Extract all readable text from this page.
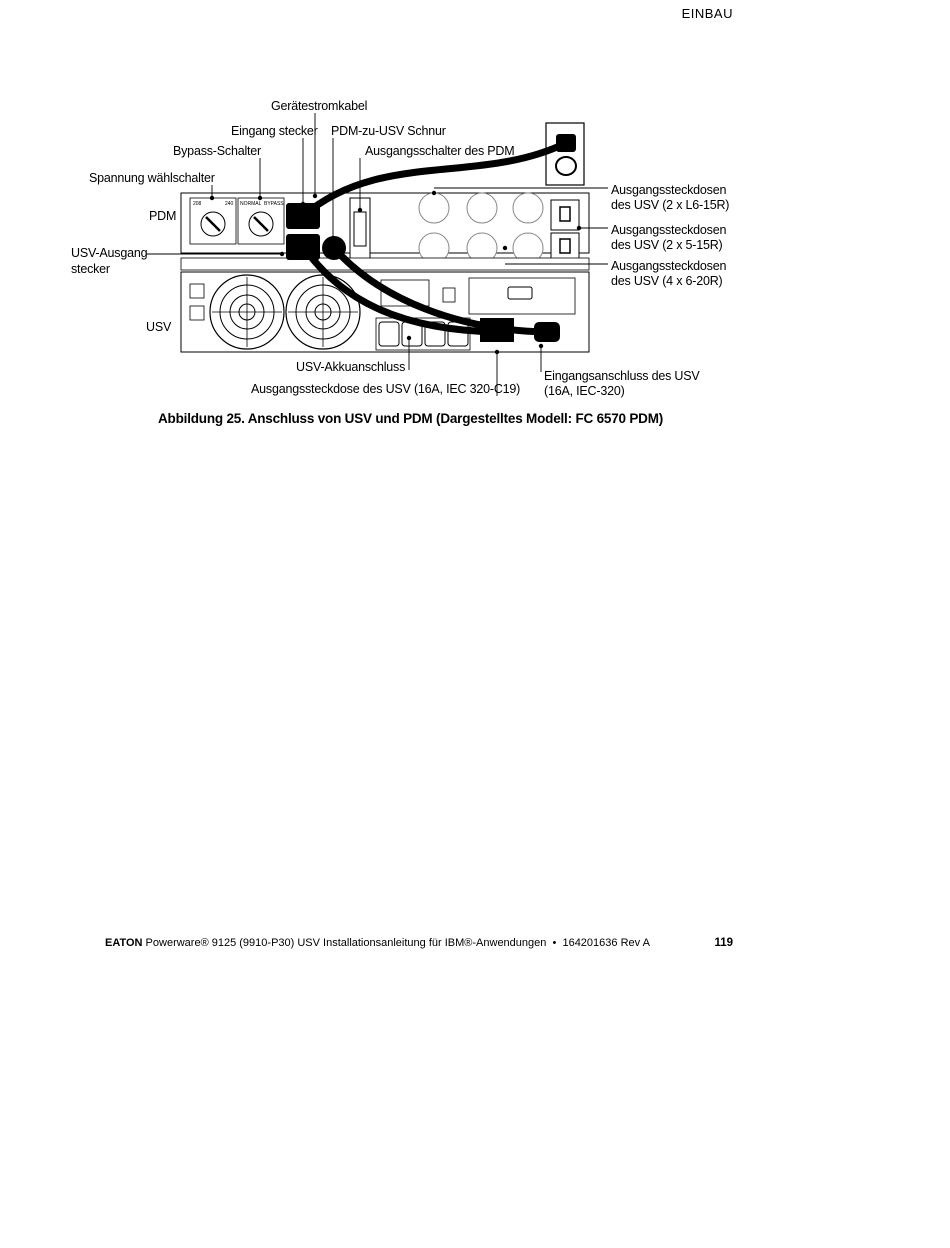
EINBAU
208	240 NORMAL BYPASS
Gerätestromkabel
Eingang stecker PDM-zu-USV Schnur
Bypass-Schalter	Ausgangsschalter des PDM
Spannung wählschalter
PDM
USV-Ausgang
stecker
USV
Ausgangssteckdosen
des USV (2 x L6-15R)
Ausgangssteckdosen
des USV (2 x 5-15R)
Ausgangssteckdosen
des USV (4 x 6-20R)
USV-Akkuanschluss
Ausgangssteckdose des USV (16A, IEC 320-C19)
Eingangsanschluss des USV
(16A, IEC-320)
Abbildung 25. Anschluss von USV und PDM (Dargestelltes Modell: FC 6570 PDM)
EATON Powerware® 9125 (9910-P30) USV Installationsanleitung für IBM®-Anwendungen  •  164201636 Rev A	119
